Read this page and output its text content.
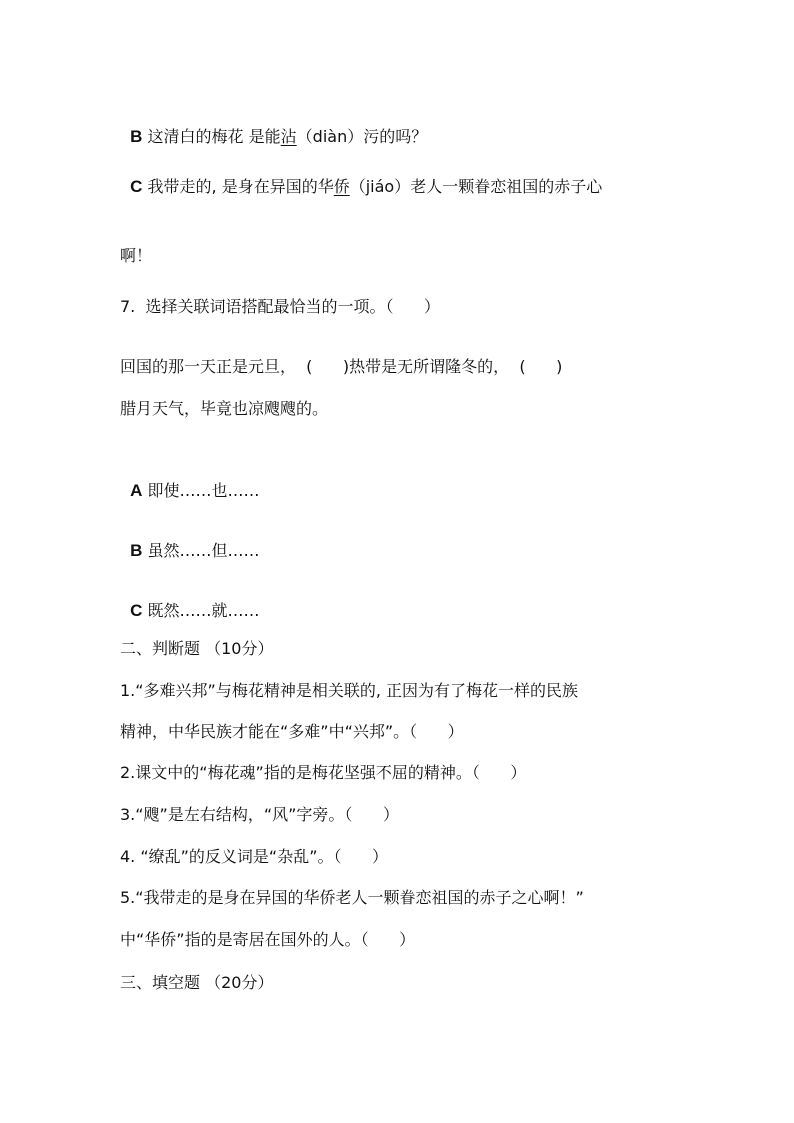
B 这清白的梅花 是能沾（diàn）污的吗？

C 我带走的, 是身在异国的华侨（jiáo）老人一颗眷恋祖国的赤子心

啊！

7.  选择关联词语搭配最恰当的一项。（      ）

回国的那一天正是元旦，  (      )热带是无所谓隆冬的，  (      )

腊月天气，毕竟也凉飕飕的。

A 即使……也……

B 虽然……但……

C 既然……就……

二、判断题 （10分）

1.“多难兴邦”与梅花精神是相关联的, 正因为有了梅花一样的民族

精神，中华民族才能在“多难”中“兴邦”。（      ）

2.课文中的“梅花魂”指的是梅花坚强不屈的精神。（      ）

3.“飕”是左右结构，“风”字旁。（      ）

4. “缭乱”的反义词是“杂乱”。（      ）

5.“我带走的是身在异国的华侨老人一颗眷恋祖国的赤子之心啊！”

中“华侨”指的是寄居在国外的人。（      ）

三、填空题 （20分）
